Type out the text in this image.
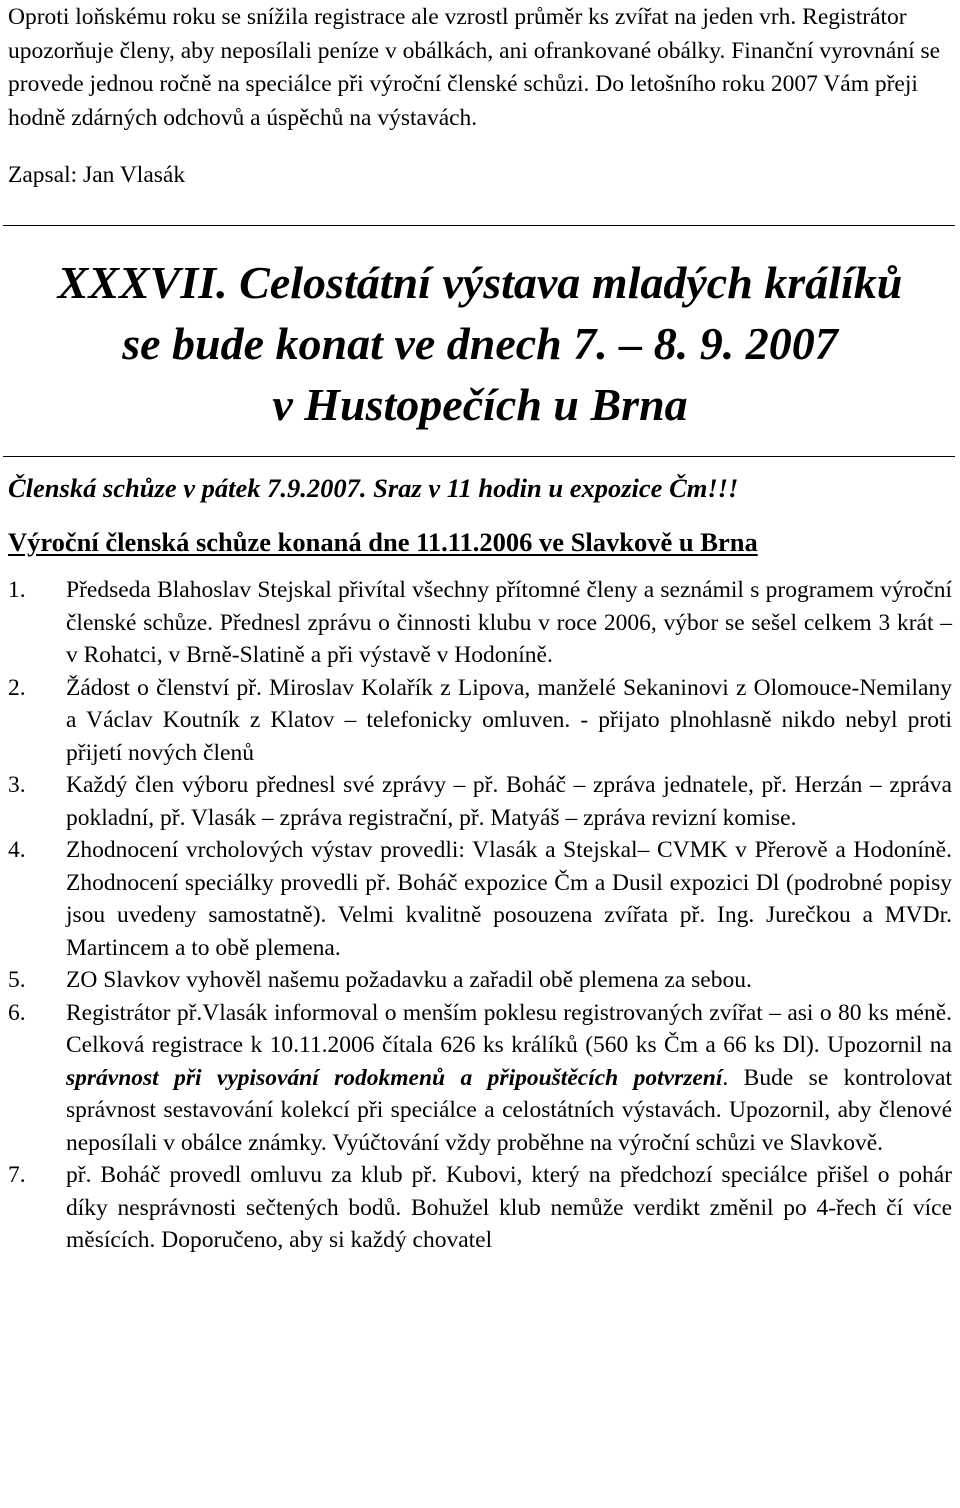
Oproti loňskému roku se snížila registrace ale vzrostl průměr ks zvířat na jeden vrh. Registrátor upozorňuje členy, aby neposílali peníze v obálkách, ani ofrankované obálky. Finanční vyrovnání se provede jednou ročně na speciálce při výroční členské schůzi. Do letošního roku 2007 Vám přeji hodně zdárných odchovů a úspěchů na výstavách.

Zapsal: Jan Vlasák
XXXVII. Celostátní výstava mladých králíků
se bude konat ve dnech 7. – 8. 9. 2007
v Hustopečích u Brna
Členská schůze v pátek 7.9.2007. Sraz v 11 hodin u expozice Čm!!!
Výroční členská schůze konaná dne 11.11.2006 ve Slavkově u Brna
1.	Předseda Blahoslav Stejskal přivítal všechny přítomné členy a seznámil s programem výroční členské schůze. Přednesl zprávu o činnosti klubu v roce 2006, výbor se sešel celkem 3 krát – v Rohatci, v Brně-Slatině a při výstavě v Hodoníně.
2.	Žádost o členství př. Miroslav Kolařík z Lipova, manželé Sekaninovi z Olomouce-Nemilany a Václav Koutník z Klatov – telefonicky omluven. - přijato plnohlasně nikdo nebyl proti přijetí nových členů
3.	Každý člen výboru přednesl své zprávy – př. Boháč – zpráva jednatele, př. Herzán – zpráva pokladní, př. Vlasák – zpráva registrační, př. Matyáš – zpráva revizní komise.
4.	Zhodnocení vrcholových výstav provedli: Vlasák a Stejskal– CVMK v Přerově a Hodoníně. Zhodnocení speciálky provedli př. Boháč expozice Čm a Dusil expozici Dl (podrobné popisy jsou uvedeny samostatně). Velmi kvalitně posouzena zvířata př. Ing. Jurečkou a MVDr. Martincem a to obě plemena.
5.	ZO Slavkov vyhověl našemu požadavku a zařadil obě plemena za sebou.
6.	Registrátor př.Vlasák informoval o menším poklesu registrovaných zvířat – asi o 80 ks méně. Celková registrace k 10.11.2006 čítala 626 ks králíků (560 ks Čm a 66 ks Dl). Upozornil na správnost při vypisování rodokmenů a připouštěcích potvrzení. Bude se kontrolovat správnost sestavování kolekcí při speciálce a celostátních výstavách. Upozornil, aby členové neposílali v obálce známky. Vyúčtování vždy proběhne na výroční schůzi ve Slavkově.
7.	př. Boháč provedl omluvu za klub př. Kubovi, který na předchozí speciálce přišel o pohár díky nesprávnosti sečtených bodů. Bohužel klub nemůže verdikt změnil po 4-řech čí více měsících. Doporučeno, aby si každý chovatel
